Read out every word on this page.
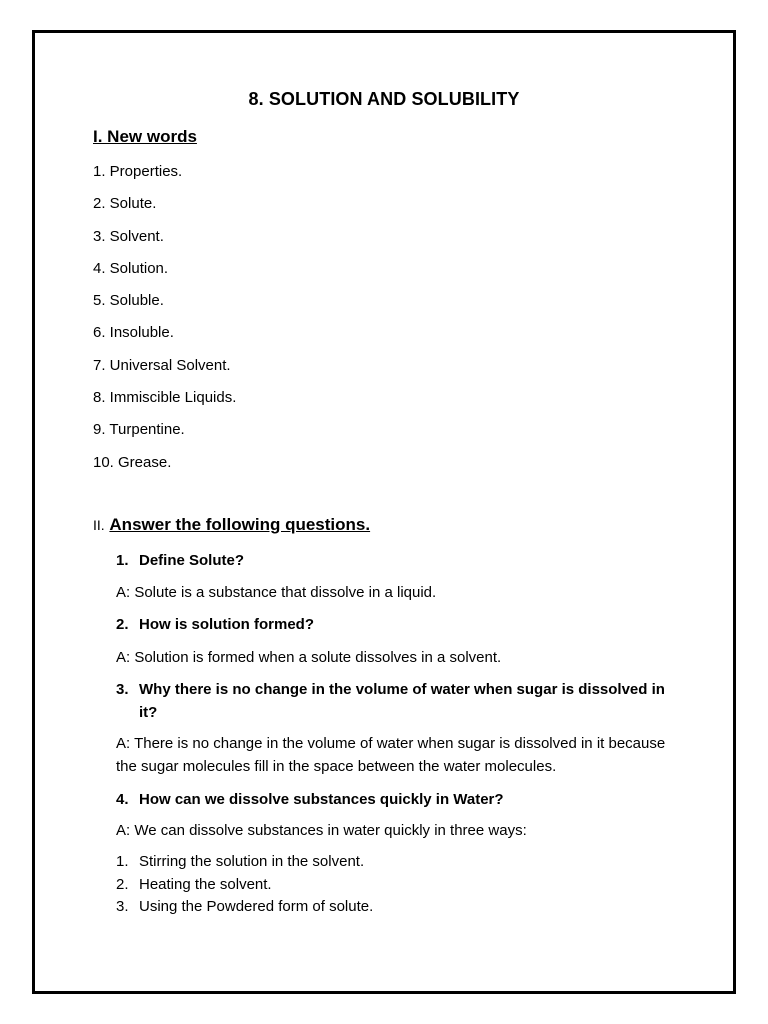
8. SOLUTION AND SOLUBILITY
I. New words
1. Properties.
2. Solute.
3. Solvent.
4. Solution.
5. Soluble.
6. Insoluble.
7. Universal Solvent.
8. Immiscible Liquids.
9. Turpentine.
10. Grease.
II. Answer the following questions.
1. Define Solute?
A: Solute is a substance that dissolve in a liquid.
2. How is solution formed?
A: Solution is formed when a solute dissolves in a solvent.
3. Why there is no change in the volume of water when sugar is dissolved in it?
A: There is no change in the volume of water when sugar is dissolved in it because the sugar molecules fill in the space between the water molecules.
4. How can we dissolve substances quickly in Water?
A: We can dissolve substances in water quickly in three ways:
1. Stirring the solution in the solvent.
2. Heating the solvent.
3. Using the Powdered form of solute.
